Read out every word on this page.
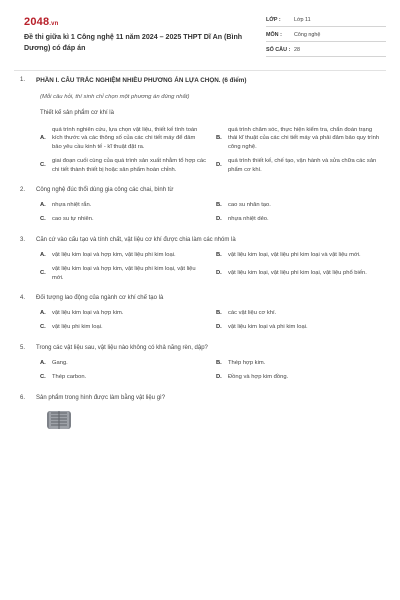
2048.vn
Đề thi giữa kì 1 Công nghệ 11 năm 2024 – 2025 THPT Dĩ An (Bình Dương) có đáp án
LỚP :	Lớp 11
MÔN :	Công nghệ
SỐ CÂU : 28
1.	PHẦN I. CÂU TRẮC NGHIỆM NHIỀU PHƯƠNG ÁN LỰA CHỌN. (6 điểm)
(Mỗi câu hỏi, thí sinh chỉ chọn một phương án đúng nhất)
Thiết kế sản phẩm cơ khí là
A.
quá trình nghiên cứu, lựa chọn vật liệu, thiết kế tính toán kích thước và các thông số của các chi tiết máy để đảm bảo yêu cầu kinh tế - kĩ thuật đặt ra.
B.
quá trình chăm sóc, thực hiện kiểm tra, chẩn đoán trạng thái kĩ thuật của các chi tiết máy và phải đảm bảo quy trình công nghệ.
C.
giai đoạn cuối cùng của quá trình sản xuất nhằm tổ hợp các chi tiết thành thiết bị hoặc sản phẩm hoàn chỉnh.
D.
quá trình thiết kế, chế tạo, vận hành và sửa chữa các sản phẩm cơ khí.
2.	Công nghệ đúc thổi dùng gia công các chai, bình từ
A.	nhựa nhiệt rắn.	B.	cao su nhân tạo.
C.	cao su tự nhiên.	D.	nhựa nhiệt dẻo.
3.	Căn cứ vào cấu tạo và tính chất, vật liệu cơ khí được chia làm các nhóm là
A.	vật liệu kim loại và hợp kim, vật liệu phi kim loại.	B.	vật liệu kim loại, vật liệu phi kim loại và vật liệu mới.
C.
vật liệu kim loại và hợp kim, vật liệu phi kim loại, vật liệu mới.
D.	vật liệu kim loại, vật liệu phi kim loại, vật liệu phổ biến.
4.	Đối tượng lao động của ngành cơ khí chế tạo là
A.	vật liệu kim loại và hợp kim.	B.	các vật liệu cơ khí.
C.	vật liệu phi kim loại.	D.	vật liệu kim loại và phi kim loại.
5.	Trong các vật liệu sau, vật liệu nào không có khả năng rèn, dập?
A.	Gang.	B.	Thép hợp kim.
C.	Thép carbon.	D.	Đồng và hợp kim đồng.
6.	Sản phẩm trong hình được làm bằng vật liệu gì?
